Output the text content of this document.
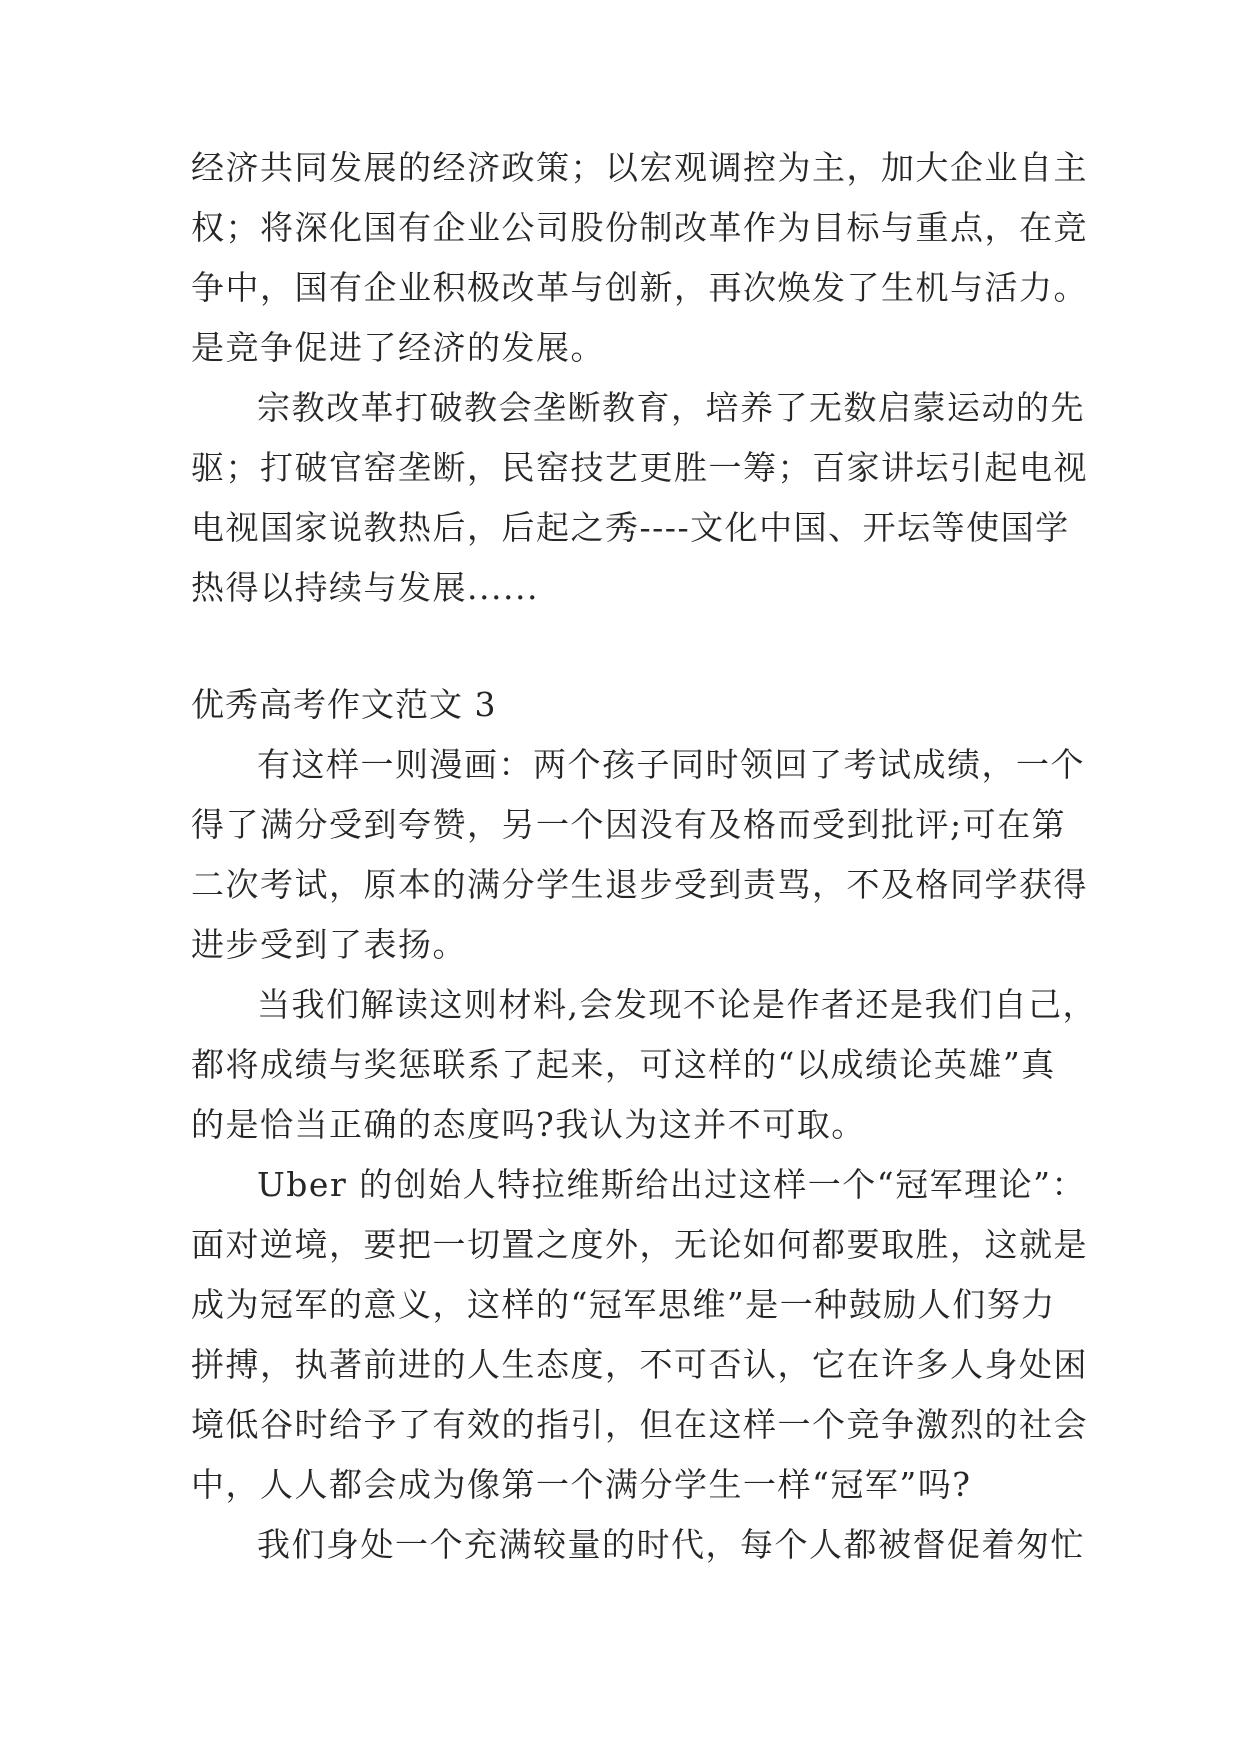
经济共同发展的经济政策；以宏观调控为主，加大企业自主
权；将深化国有企业公司股份制改革作为目标与重点，在竞
争中，国有企业积极改革与创新，再次焕发了生机与活力。
是竞争促进了经济的发展。
宗教改革打破教会垄断教育，培养了无数启蒙运动的先
驱；打破官窑垄断，民窑技艺更胜一筹；百家讲坛引起电视
电视国家说教热后，后起之秀----文化中国、开坛等使国学
热得以持续与发展......
优秀高考作文范文 3
有这样一则漫画：两个孩子同时领回了考试成绩，一个
得了满分受到夸赞，另一个因没有及格而受到批评;可在第
二次考试，原本的满分学生退步受到责骂，不及格同学获得
进步受到了表扬。
当我们解读这则材料,会发现不论是作者还是我们自己，
都将成绩与奖惩联系了起来，可这样的“以成绩论英雄”真
的是恰当正确的态度吗?我认为这并不可取。
Uber 的创始人特拉维斯给出过这样一个“冠军理论”：
面对逆境，要把一切置之度外，无论如何都要取胜，这就是
成为冠军的意义，这样的“冠军思维”是一种鼓励人们努力
拼搏，执著前进的人生态度，不可否认，它在许多人身处困
境低谷时给予了有效的指引，但在这样一个竞争激烈的社会
中，人人都会成为像第一个满分学生一样“冠军”吗?
我们身处一个充满较量的时代，每个人都被督促着匆忙
